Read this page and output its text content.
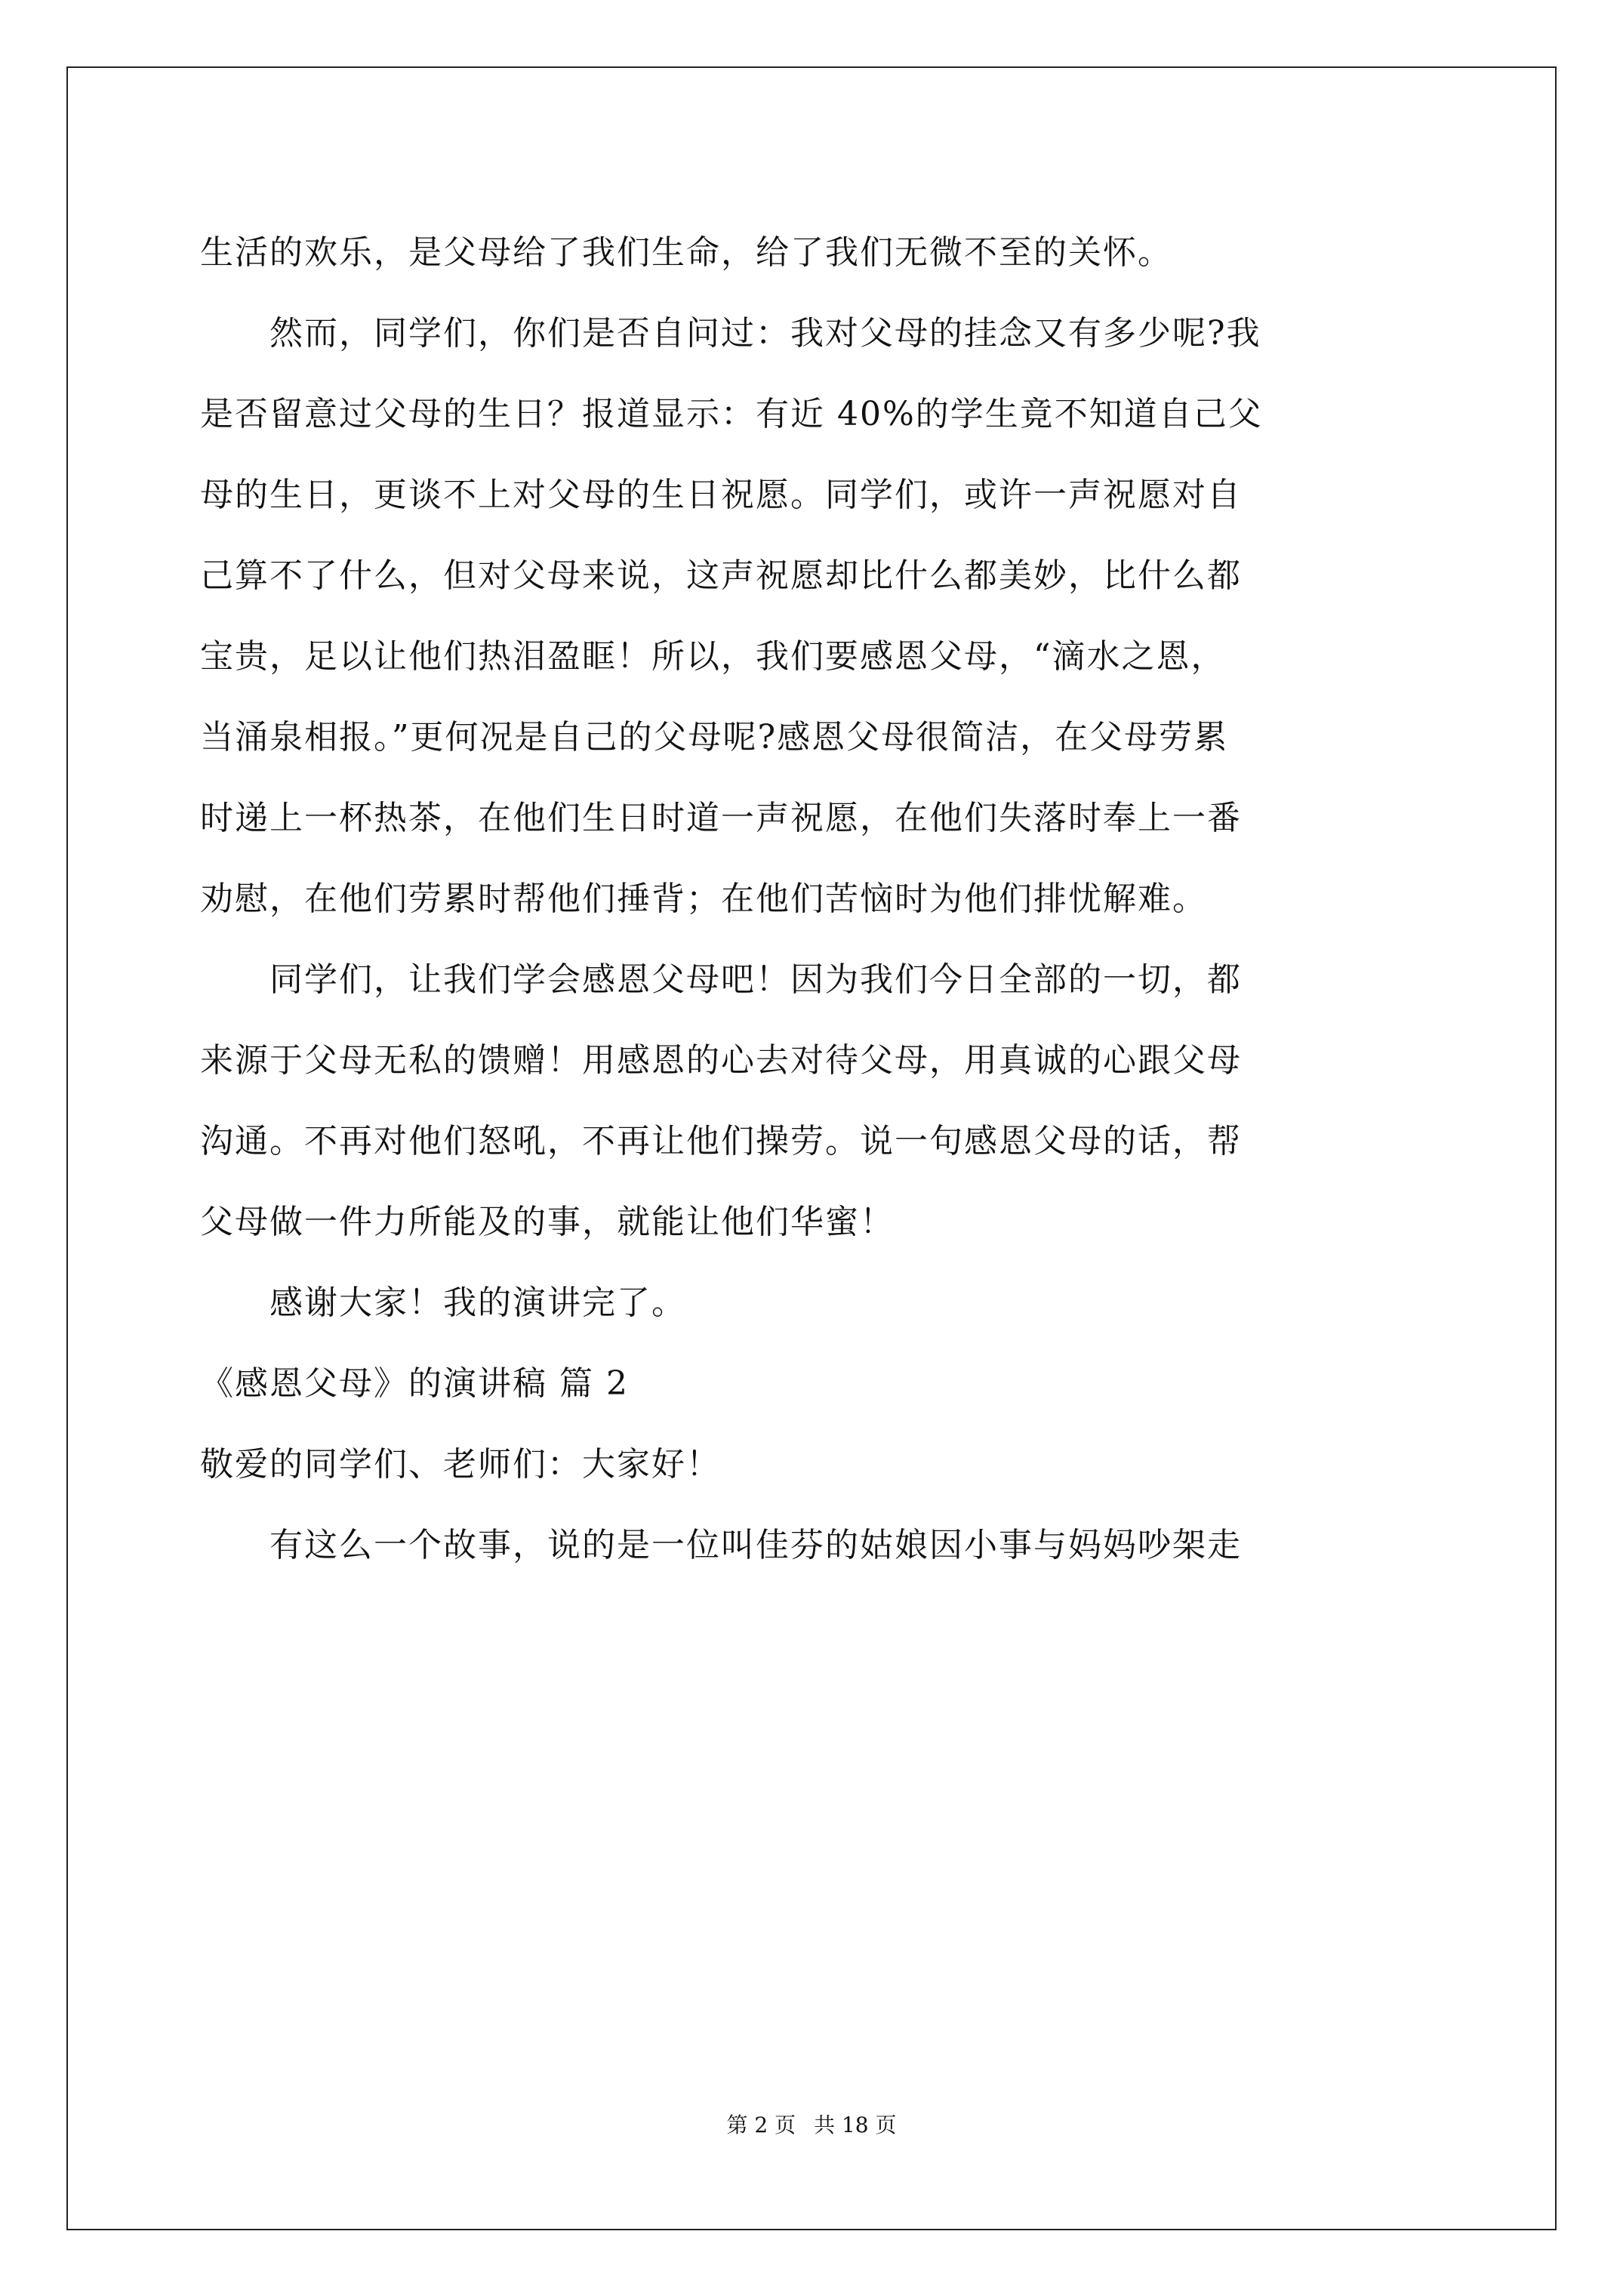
生活的欢乐，是父母给了我们生命，给了我们无微不至的关怀。
　　然而，同学们，你们是否自问过：我对父母的挂念又有多少呢?我
是否留意过父母的生日？报道显示：有近 40%的学生竟不知道自己父
母的生日，更谈不上对父母的生日祝愿。同学们，或许一声祝愿对自
己算不了什么，但对父母来说，这声祝愿却比什么都美妙，比什么都
宝贵，足以让他们热泪盈眶！所以，我们要感恩父母，“滴水之恩，
当涌泉相报。”更何况是自己的父母呢?感恩父母很简洁，在父母劳累
时递上一杯热茶，在他们生日时道一声祝愿，在他们失落时奉上一番
劝慰，在他们劳累时帮他们捶背；在他们苦恼时为他们排忧解难。
　　同学们，让我们学会感恩父母吧！因为我们今日全部的一切，都
来源于父母无私的馈赠！用感恩的心去对待父母，用真诚的心跟父母
沟通。不再对他们怒吼，不再让他们操劳。说一句感恩父母的话，帮
父母做一件力所能及的事，就能让他们华蜜！
　　感谢大家！我的演讲完了。
《感恩父母》的演讲稿 篇 2
敬爱的同学们、老师们：大家好！
　　有这么一个故事，说的是一位叫佳芬的姑娘因小事与妈妈吵架走
第 2 页 共 18 页
